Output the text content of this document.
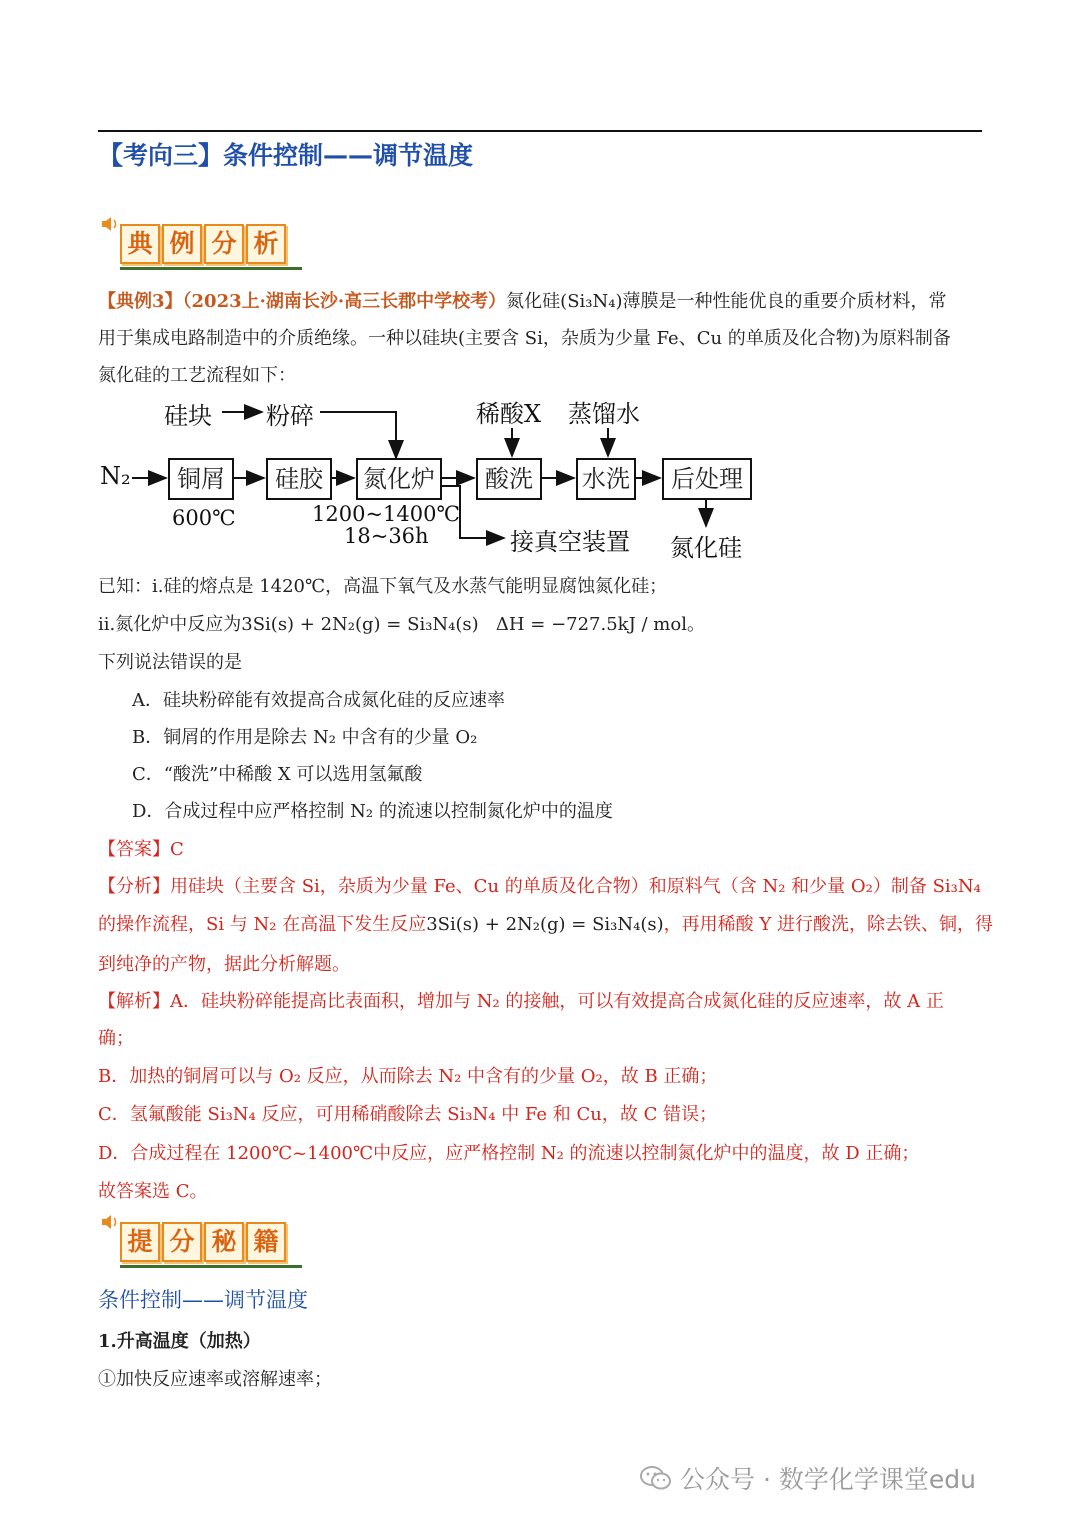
【考向三】条件控制——调节温度
典 例 分 析
【典例3】（2023上·湖南长沙·高三长郡中学校考）氮化硅(Si₃N₄)薄膜是一种性能优良的重要介质材料，常
用于集成电路制造中的介质绝缘。一种以硅块(主要含 Si，杂质为少量 Fe、Cu 的单质及化合物)为原料制备
氮化硅的工艺流程如下：
硅块 粉碎	稀酸X 蒸馏水
N₂	铜屑	硅胶	氮化炉	酸洗	水洗	后处理
600℃	1200~1400℃
18~36h	接真空装置 氮化硅
已知：i.硅的熔点是 1420℃，高温下氧气及水蒸气能明显腐蚀氮化硅；
ii.氮化炉中反应为3Si(s) + 2N₂(g) = Si₃N₄(s) ΔH = −727.5kJ / mol。
下列说法错误的是
A．硅块粉碎能有效提高合成氮化硅的反应速率
B．铜屑的作用是除去 N₂ 中含有的少量 O₂
C．“酸洗”中稀酸 X 可以选用氢氟酸
D．合成过程中应严格控制 N₂ 的流速以控制氮化炉中的温度
【答案】C
【分析】用硅块（主要含 Si，杂质为少量 Fe、Cu 的单质及化合物）和原料气（含 N₂ 和少量 O₂）制备 Si₃N₄
的操作流程，Si 与 N₂ 在高温下发生反应3Si(s) + 2N₂(g) = Si₃N₄(s)，再用稀酸 Y 进行酸洗，除去铁、铜，得
到纯净的产物，据此分析解题。
【解析】A．硅块粉碎能提高比表面积，增加与 N₂ 的接触，可以有效提高合成氮化硅的反应速率，故 A 正
确；
B．加热的铜屑可以与 O₂ 反应，从而除去 N₂ 中含有的少量 O₂，故 B 正确；
C．氢氟酸能 Si₃N₄ 反应，可用稀硝酸除去 Si₃N₄ 中 Fe 和 Cu，故 C 错误；
D．合成过程在 1200℃~1400℃中反应，应严格控制 N₂ 的流速以控制氮化炉中的温度，故 D 正确；
故答案选 C。
提 分 秘 籍
条件控制——调节温度
1.升高温度（加热）
①加快反应速率或溶解速率；
公众号 · 数学化学课堂edu
